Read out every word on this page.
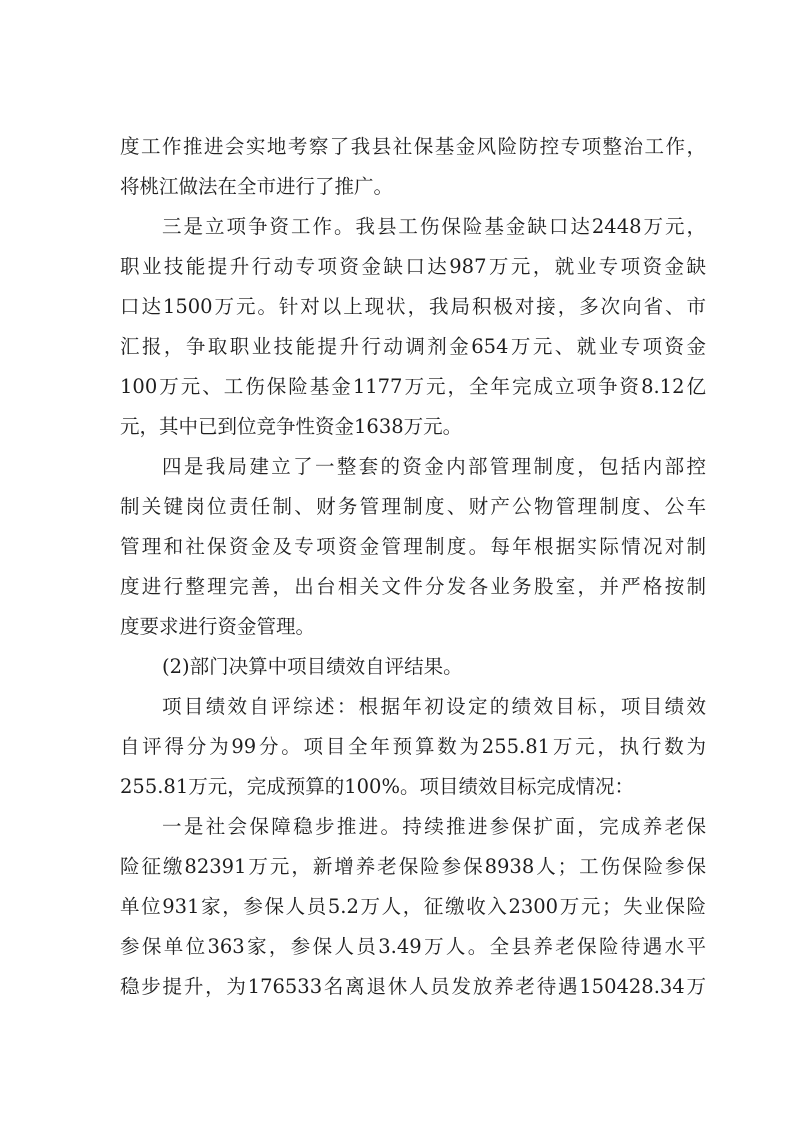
度工作推进会实地考察了我县社保基金风险防控专项整治工作，
将桃江做法在全市进行了推广。
三是立项争资工作。我县工伤保险基金缺口达2448万元，
职业技能提升行动专项资金缺口达987万元，就业专项资金缺
口达1500万元。针对以上现状，我局积极对接，多次向省、市
汇报，争取职业技能提升行动调剂金654万元、就业专项资金
100万元、工伤保险基金1177万元，全年完成立项争资8.12亿
元，其中已到位竞争性资金1638万元。
四是我局建立了一整套的资金内部管理制度，包括内部控
制关键岗位责任制、财务管理制度、财产公物管理制度、公车
管理和社保资金及专项资金管理制度。每年根据实际情况对制
度进行整理完善，出台相关文件分发各业务股室，并严格按制
度要求进行资金管理。
(2)部门决算中项目绩效自评结果。
项目绩效自评综述：根据年初设定的绩效目标，项目绩效
自评得分为99分。项目全年预算数为255.81万元，执行数为
255.81万元，完成预算的100%。项目绩效目标完成情况：
一是社会保障稳步推进。持续推进参保扩面，完成养老保
险征缴82391万元，新增养老保险参保8938人；工伤保险参保
单位931家，参保人员5.2万人，征缴收入2300万元；失业保险
参保单位363家，参保人员3.49万人。全县养老保险待遇水平
稳步提升，为176533名离退休人员发放养老待遇150428.34万
